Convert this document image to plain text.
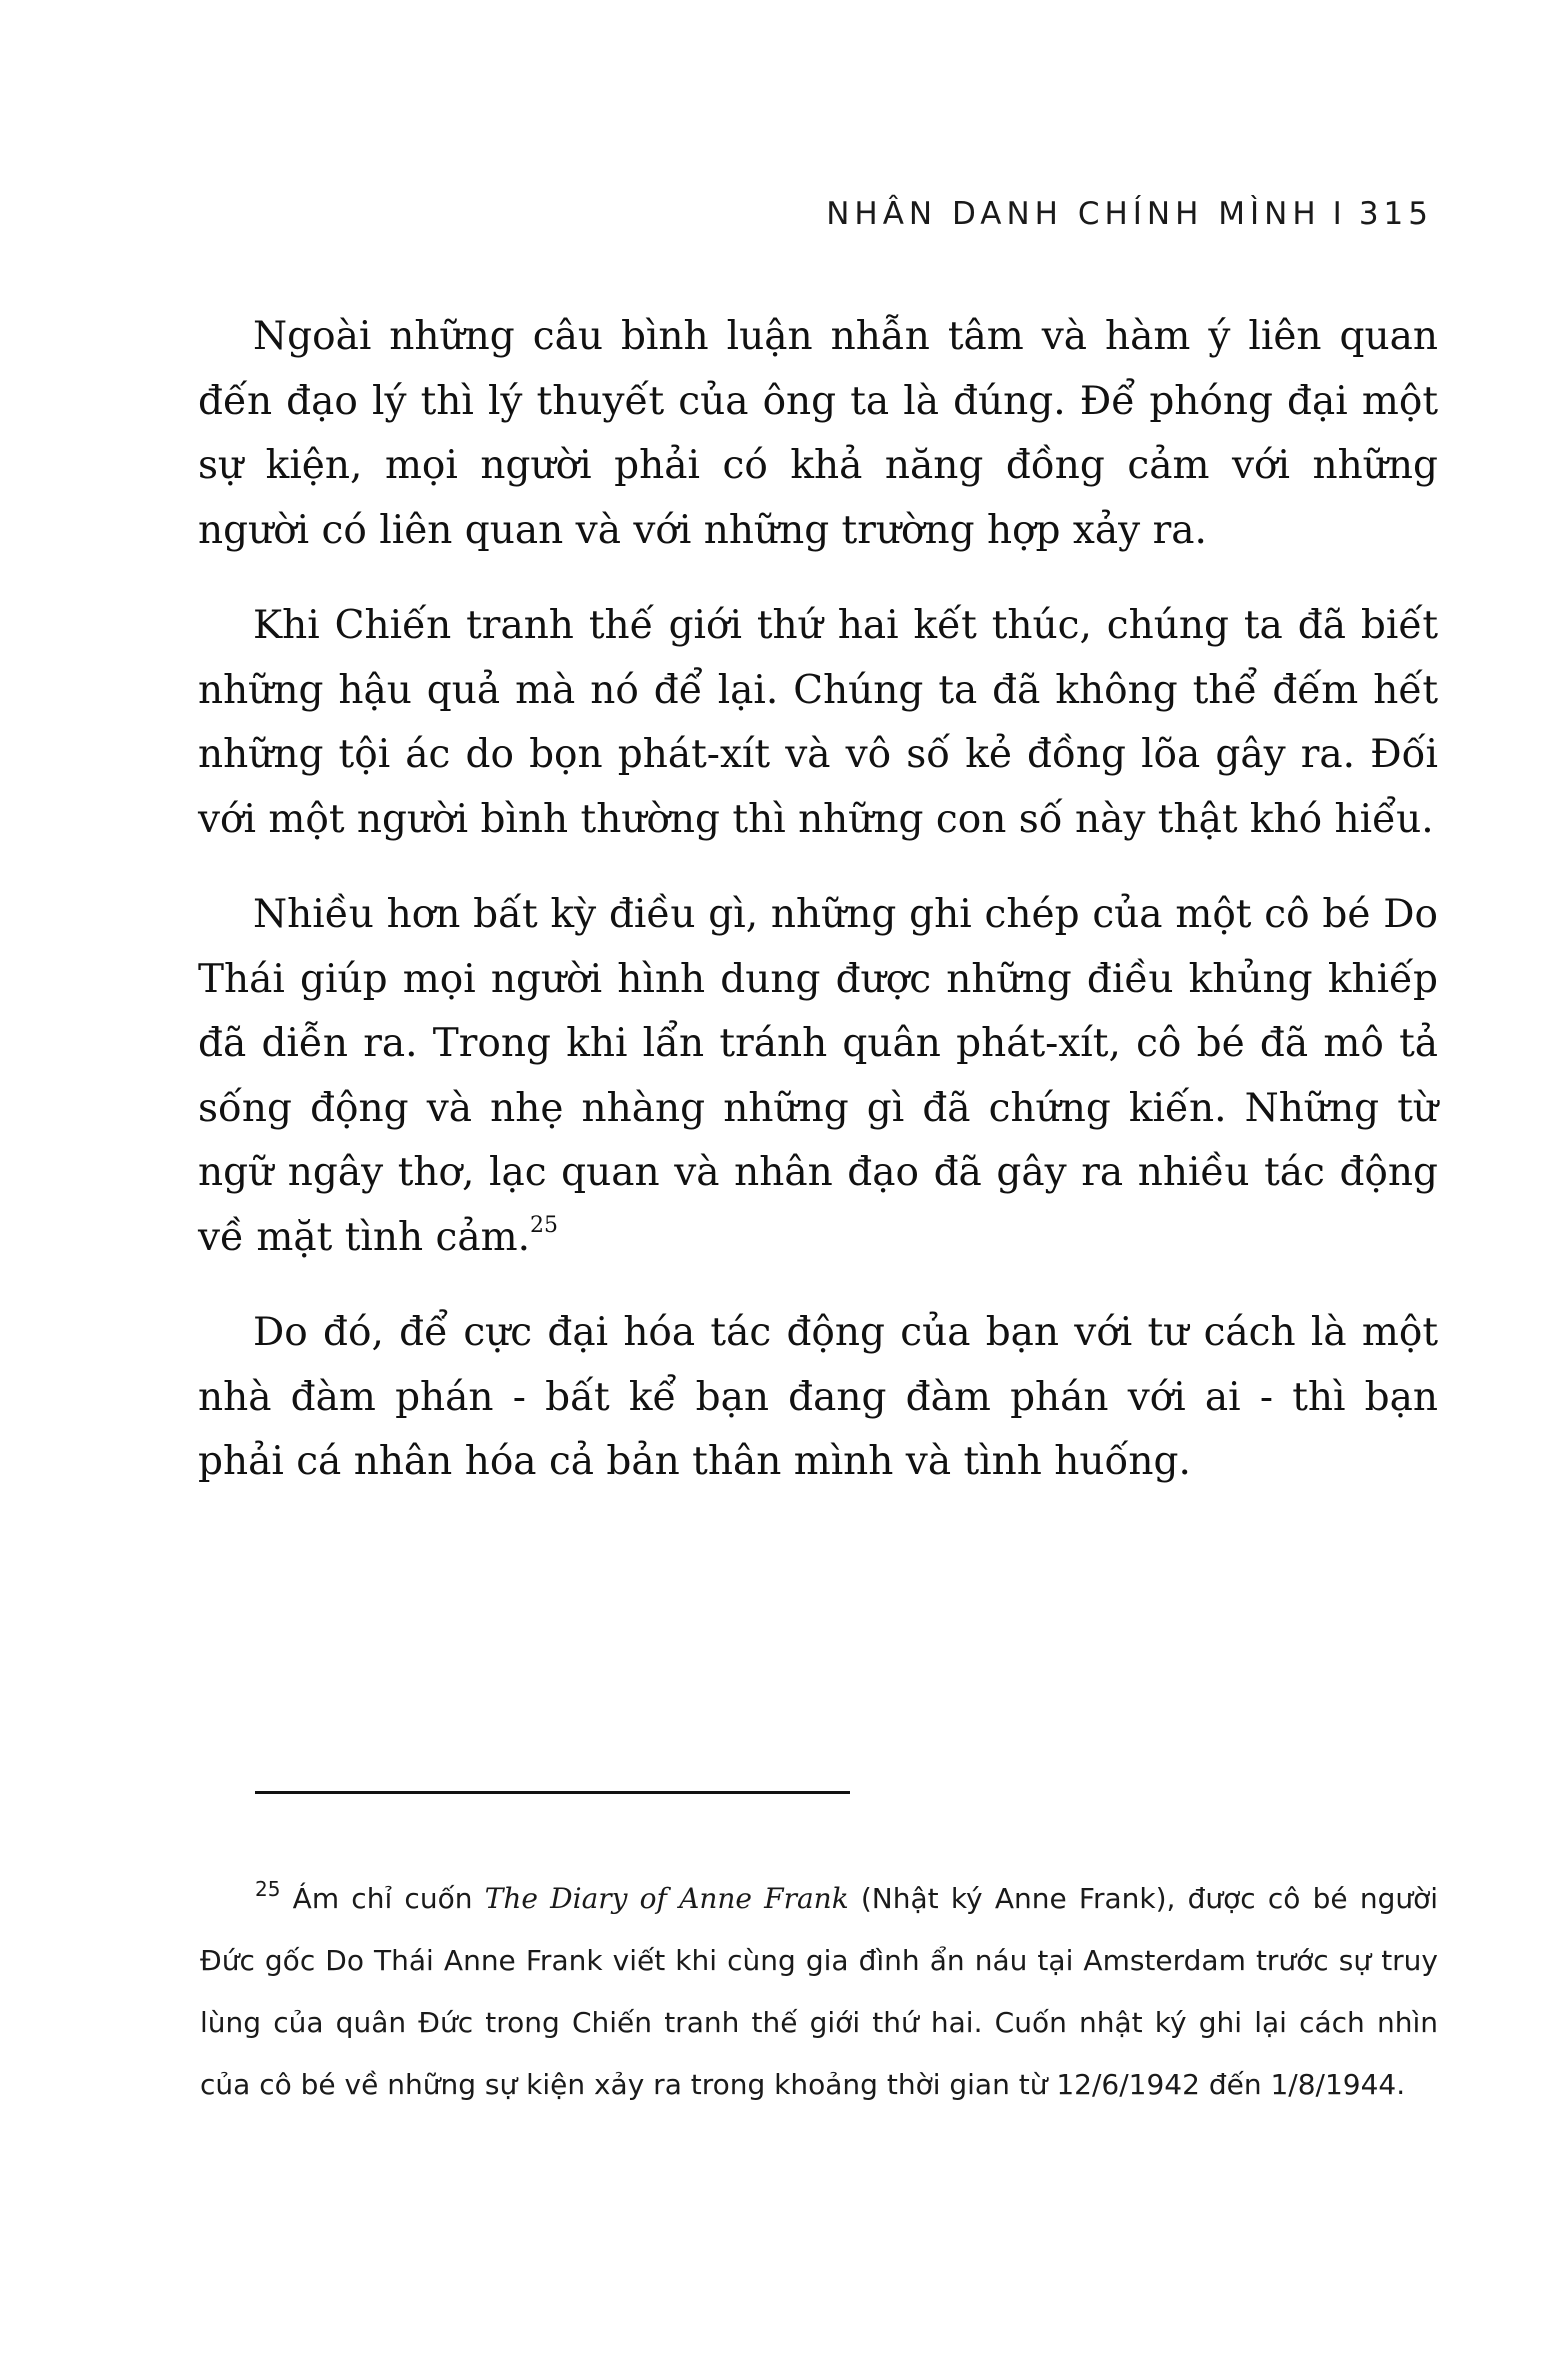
NHÂN DANH CHÍNH MÌNH I 315

Ngoài những câu bình luận nhẫn tâm và hàm ý liên quan đến đạo lý thì lý thuyết của ông ta là đúng. Để phóng đại một sự kiện, mọi người phải có khả năng đồng cảm với những người có liên quan và với những trường hợp xảy ra.

Khi Chiến tranh thế giới thứ hai kết thúc, chúng ta đã biết những hậu quả mà nó để lại. Chúng ta đã không thể đếm hết những tội ác do bọn phát-xít và vô số kẻ đồng lõa gây ra. Đối với một người bình thường thì những con số này thật khó hiểu.

Nhiều hơn bất kỳ điều gì, những ghi chép của một cô bé Do Thái giúp mọi người hình dung được những điều khủng khiếp đã diễn ra. Trong khi lẩn tránh quân phát-xít, cô bé đã mô tả sống động và nhẹ nhàng những gì đã chứng kiến. Những từ ngữ ngây thơ, lạc quan và nhân đạo đã gây ra nhiều tác động về mặt tình cảm.$^{25}$

Do đó, để cực đại hóa tác động của bạn với tư cách là một nhà đàm phán - bất kể bạn đang đàm phán với ai - thì bạn phải cá nhân hóa cả bản thân mình và tình huống.

$^{25}$ Ám chỉ cuốn The Diary of Anne Frank (Nhật ký Anne Frank), được cô bé người Đức gốc Do Thái Anne Frank viết khi cùng gia đình ẩn náu tại Amsterdam trước sự truy lùng của quân Đức trong Chiến tranh thế giới thứ hai. Cuốn nhật ký ghi lại cách nhìn của cô bé về những sự kiện xảy ra trong khoảng thời gian từ 12/6/1942 đến 1/8/1944.
